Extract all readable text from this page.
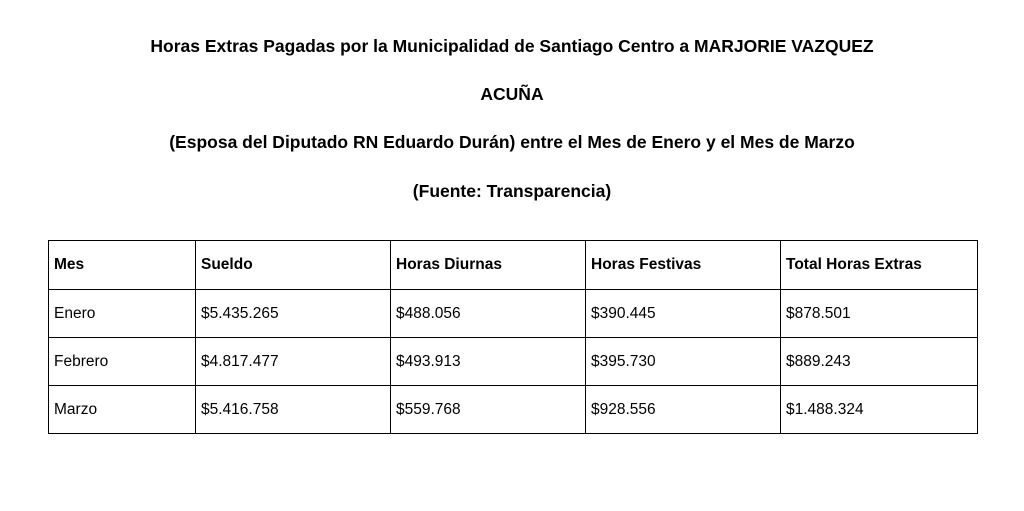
Horas Extras Pagadas por la Municipalidad de Santiago Centro a MARJORIE VAZQUEZ
ACUÑA
(Esposa del Diputado RN Eduardo Durán) entre el Mes de Enero y el Mes de Marzo
(Fuente: Transparencia)
Mes	Sueldo	Horas Diurnas	Horas Festivas	Total Horas Extras
Enero	$5.435.265	$488.056	$390.445	$878.501
Febrero	$4.817.477	$493.913	$395.730	$889.243
Marzo	$5.416.758	$559.768	$928.556	$1.488.324
